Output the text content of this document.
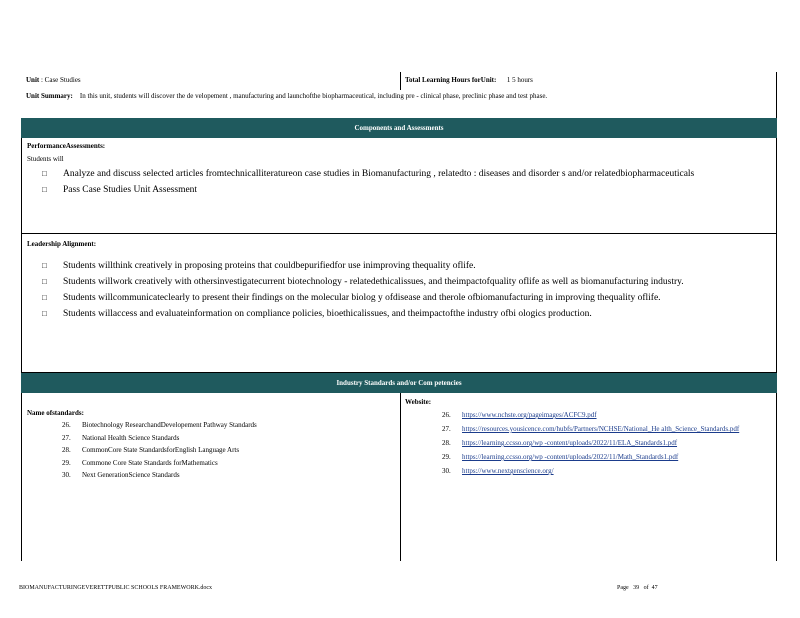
Unit : Case Studies	Total Learning Hours forUnit: 1 5 hours
Unit Summary: In this unit, students will discover the de velopement , manufacturing and launchofthe biopharmaceutical, including pre - clinical phase, preclinic phase and test phase.
Components and Assessments
PerformanceAssessments:
Students will
□ Analyze and discuss selected articles fromtechnicalliteratureon case studies in Biomanufacturing , relatedto : diseases and disorder s and/or relatedbiopharmaceuticals
□ Pass Case Studies Unit Assessment
Leadership Alignment:
□ Students willthink creatively in proposing proteins that couldbepurifiedfor use inimproving thequality oflife.
□ Students willwork creatively with othersinvestigatecurrent biotechnology - relatedethicalissues, and theimpactofquality oflife as well as biomanufacturing industry.
□ Students willcommunicateclearly to present their findings on the molecular biolog y ofdisease and therole ofbiomanufacturing in improving thequality oflife.
□ Students willaccess and evaluateinformation on compliance policies, bioethicalissues, and theimpactofthe industry ofbi ologics production.
Industry Standards and/or Com petencies
Name ofstandards:
26. Biotechnology ResearchandDevelopement Pathway Standards
27. National Health Science Standards
28. CommonCore State StandardsforEnglish Language Arts
29. Commone Core State Standards forMathematics
30. Next GenerationScience Standards
Website:
26. https://www.nchste.org/pageimages/ACFC9.pdf
27. https://resources.yousicence.com/hubfs/Partners/NCHSE/National_He alth_Science_Standards.pdf
28. https://learning.ccsso.org/wp -content/uploads/2022/11/ELA_Standards1.pdf
29. https://learning.ccsso.org/wp -content/uploads/2022/11/Math_Standards1.pdf
30. https://www.nextgenscience.org/
BIOMANUFACTURINGEVERETTPUBLIC SCHOOLS FRAMEWORK.docx	Page 39 of 47
